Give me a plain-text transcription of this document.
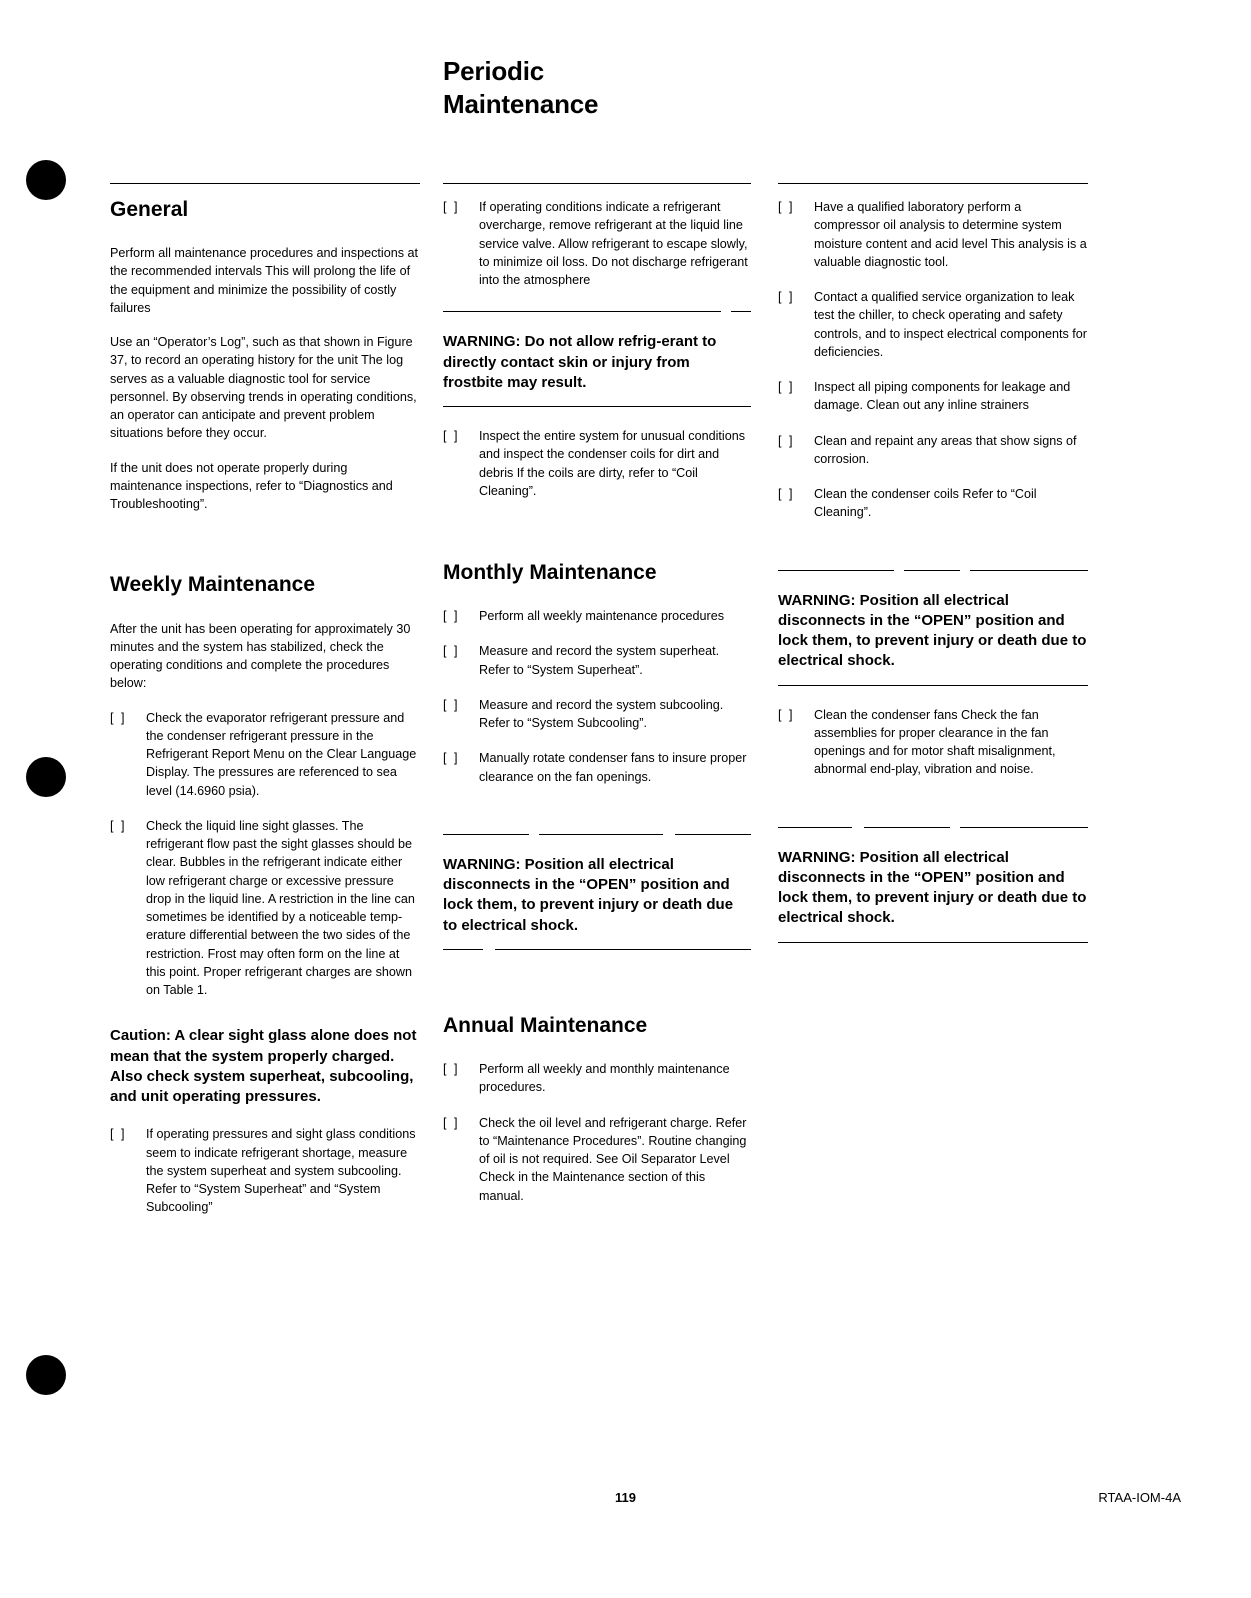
Periodic
Maintenance
General

Perform all maintenance procedures and inspections at the recommended intervals This will prolong the life of the equipment and minimize the possibility of costly failures

Use an “Operator’s Log”, such as that shown in Figure 37, to record an operating history for the unit The log serves as a valuable diagnostic tool for service personnel. By observing trends in operating conditions, an operator can anticipate and prevent problem situations before they occur.

If the unit does not operate properly during maintenance inspections, refer to “Diagnostics and Troubleshooting”.

Weekly Maintenance

After the unit has been operating for approximately 30 minutes and the system has stabilized, check the operating conditions and complete the procedures below:

[ ] Check the evaporator refrigerant pressure and the condenser refrigerant pressure in the Refrigerant Report Menu on the Clear Language Display. The pressures are referenced to sea level (14.6960 psia).
[ ] Check the liquid line sight glasses. The refrigerant flow past the sight glasses should be clear. Bubbles in the refrigerant indicate either low refrigerant charge or excessive pressure drop in the liquid line. A restriction in the line can sometimes be identified by a noticeable temp-erature differential between the two sides of the restriction. Frost may often form on the line at this point. Proper refrigerant charges are shown on Table 1.

Caution: A clear sight glass alone does not mean that the system properly charged. Also check system superheat, subcooling, and unit operating pressures.

[ ] If operating pressures and sight glass conditions seem to indicate refrigerant shortage, measure the system superheat and system subcooling. Refer to “System Superheat” and “System Subcooling”
[ ] If operating conditions indicate a refrigerant overcharge, remove refrigerant at the liquid line service valve. Allow refrigerant to escape slowly, to minimize oil loss. Do not discharge refrigerant into the atmosphere

WARNING: Do not allow refrig-erant to directly contact skin or injury from frostbite may result.

[ ] Inspect the entire system for unusual conditions and inspect the condenser coils for dirt and debris If the coils are dirty, refer to “Coil Cleaning”.
Monthly Maintenance
[ ] Perform all weekly maintenance procedures
[ ] Measure and record the system superheat. Refer to “System Superheat”.
[ ] Measure and record the system subcooling. Refer to “System Subcooling”.
[ ] Manually rotate condenser fans to insure proper clearance on the fan openings.

WARNING: Position all electrical disconnects in the “OPEN” position and lock them, to prevent injury or death due to electrical shock.

Annual Maintenance
[ ] Perform all weekly and monthly maintenance procedures.
[ ] Check the oil level and refrigerant charge. Refer to “Maintenance Procedures”. Routine changing of oil is not required. See Oil Separator Level Check in the Maintenance section of this manual.
[ ] Have a qualified laboratory perform a compressor oil analysis to determine system moisture content and acid level This analysis is a valuable diagnostic tool.
[ ] Contact a qualified service organization to leak test the chiller, to check operating and safety controls, and to inspect electrical components for deficiencies.
[ ] Inspect all piping components for leakage and damage. Clean out any inline strainers
[ ] Clean and repaint any areas that show signs of corrosion.
[ ] Clean the condenser coils Refer to “Coil Cleaning”.

WARNING: Position all electrical disconnects in the “OPEN” position and lock them, to prevent injury or death due to electrical shock.

[ ] Clean the condenser fans Check the fan assemblies for proper clearance in the fan openings and for motor shaft misalignment, abnormal end-play, vibration and noise.

WARNING: Position all electrical disconnects in the “OPEN” position and lock them, to prevent injury or death due to electrical shock.

119	RTAA-IOM-4A
